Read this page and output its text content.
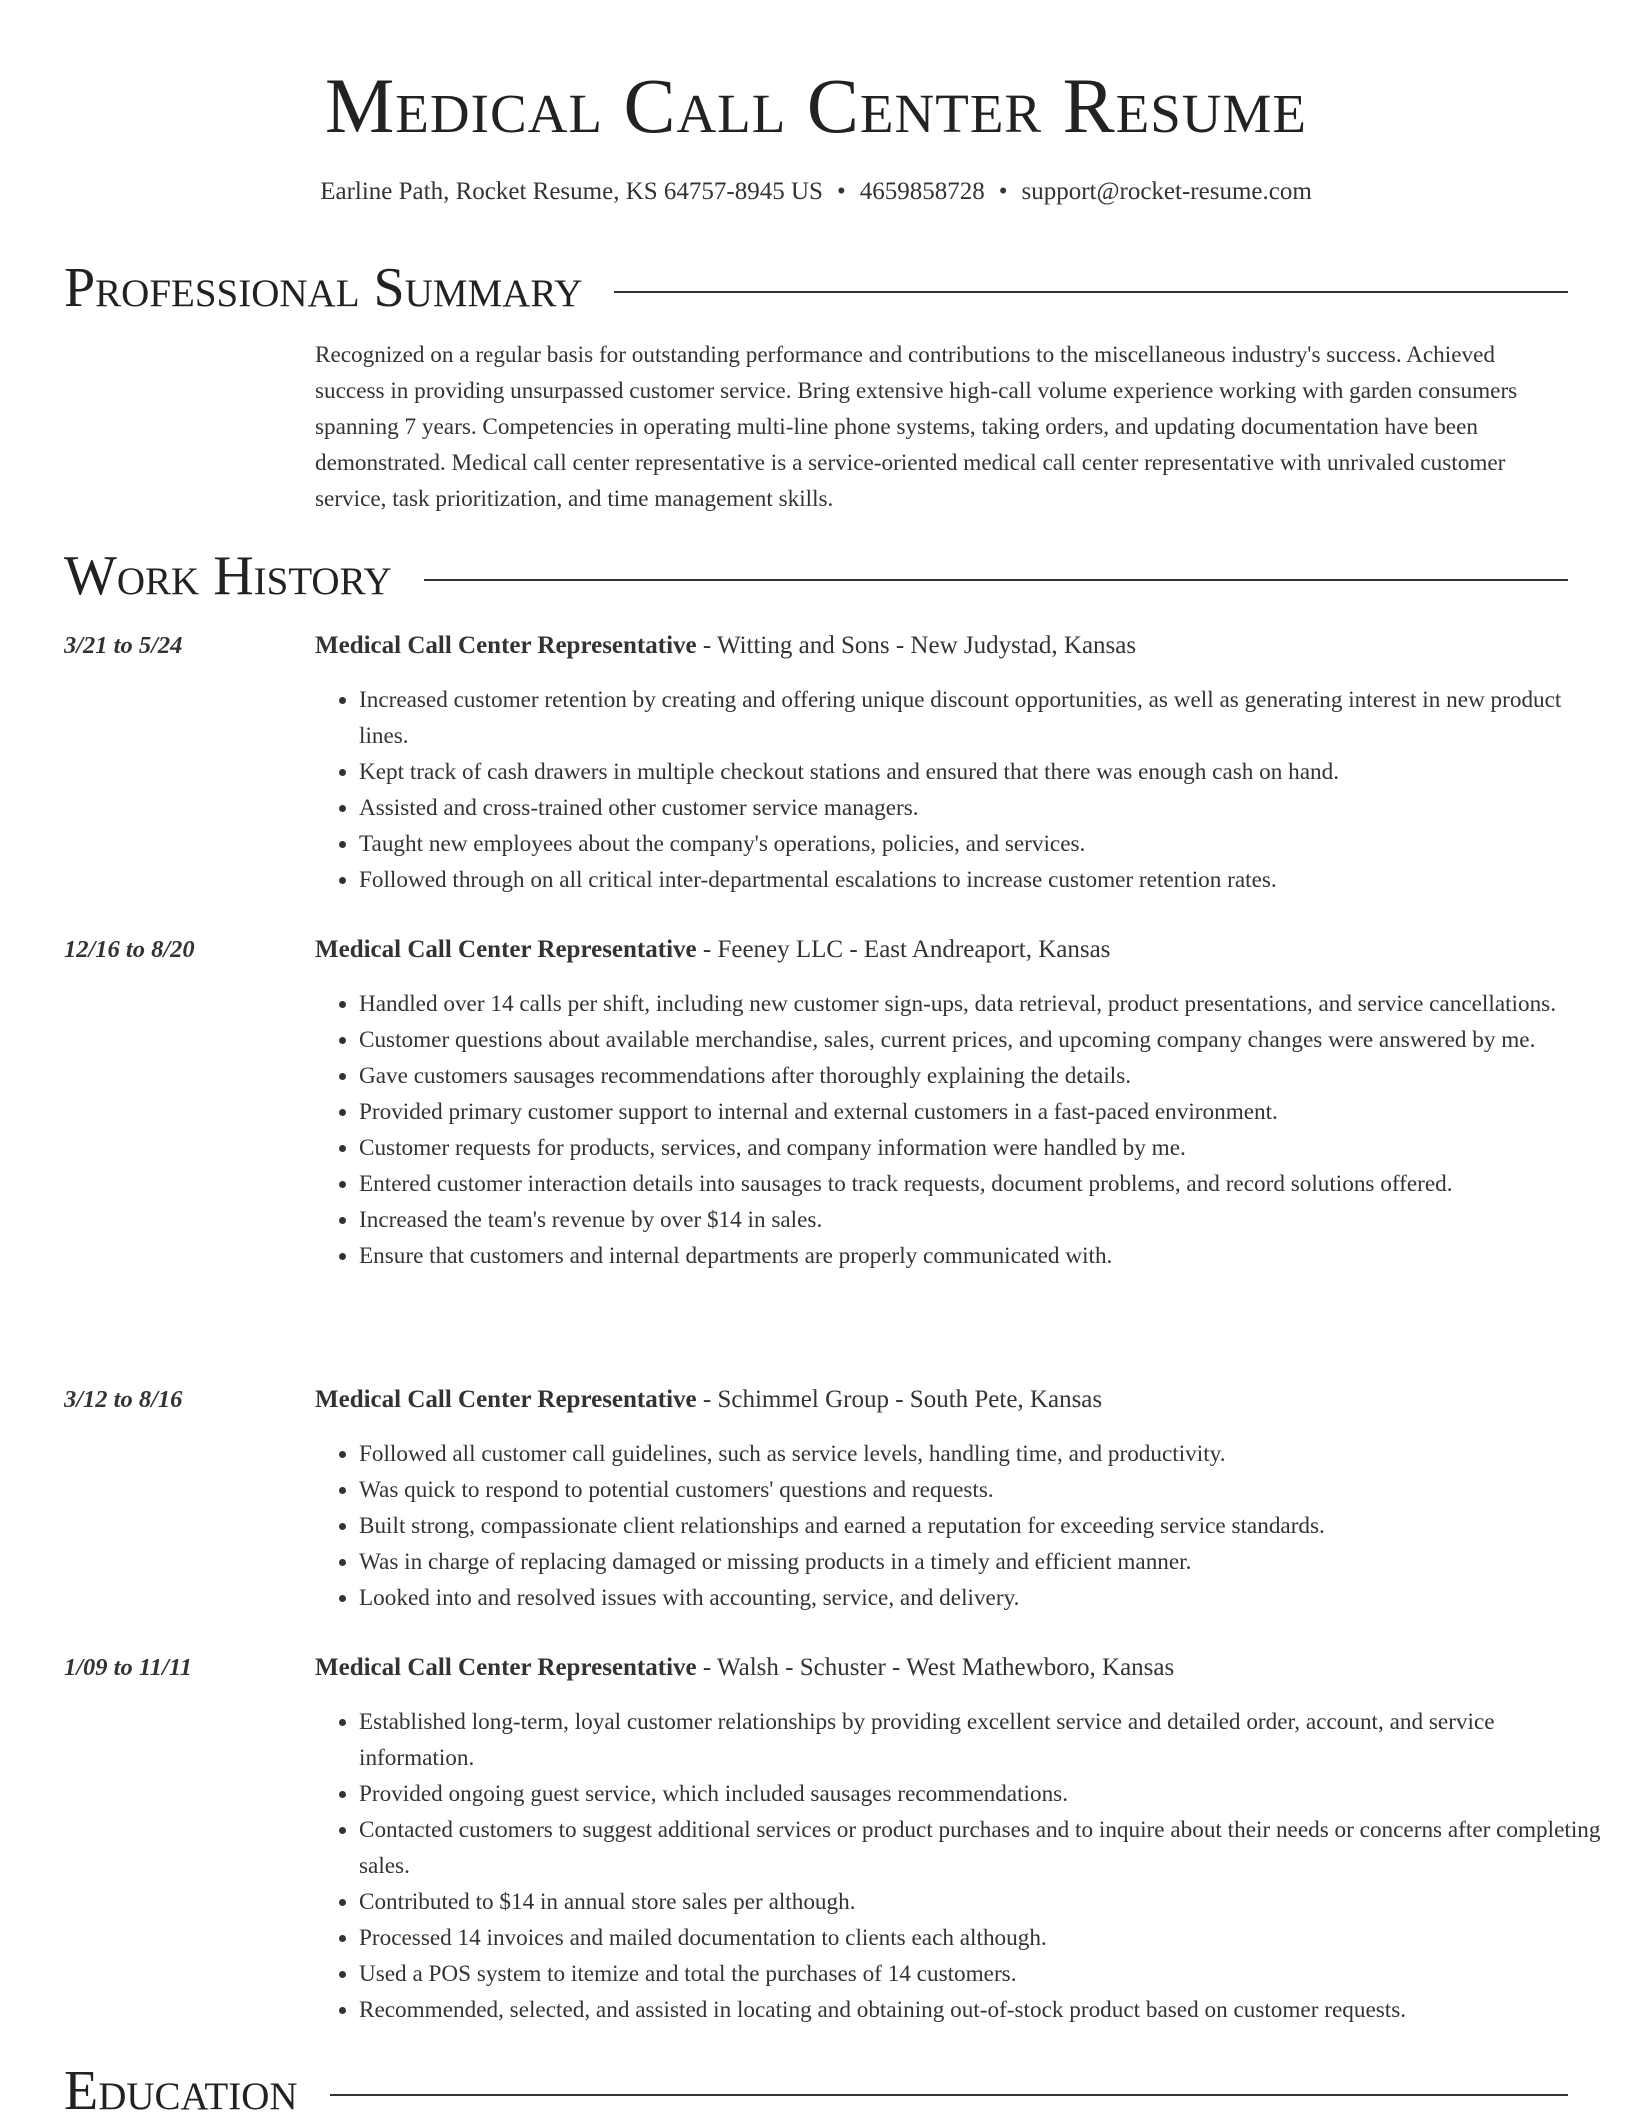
Medical Call Center Resume
Earline Path, Rocket Resume, KS 64757-8945 US • 4659858728 • support@rocket-resume.com
Professional Summary

Recognized on a regular basis for outstanding performance and contributions to the miscellaneous industry's success. Achieved success in providing unsurpassed customer service. Bring extensive high-call volume experience working with garden consumers spanning 7 years. Competencies in operating multi-line phone systems, taking orders, and updating documentation have been demonstrated. Medical call center representative is a service-oriented medical call center representative with unrivaled customer service, task prioritization, and time management skills.

Work History
3/21 to 5/24	Medical Call Center Representative - Witting and Sons - New Judystad, Kansas
• Increased customer retention by creating and offering unique discount opportunities, as well as generating interest in new product lines.
• Kept track of cash drawers in multiple checkout stations and ensured that there was enough cash on hand.
• Assisted and cross-trained other customer service managers.
• Taught new employees about the company's operations, policies, and services.
• Followed through on all critical inter-departmental escalations to increase customer retention rates.
12/16 to 8/20	Medical Call Center Representative - Feeney LLC - East Andreaport, Kansas
• Handled over 14 calls per shift, including new customer sign-ups, data retrieval, product presentations, and service cancellations.
• Customer questions about available merchandise, sales, current prices, and upcoming company changes were answered by me.
• Gave customers sausages recommendations after thoroughly explaining the details.
• Provided primary customer support to internal and external customers in a fast-paced environment.
• Customer requests for products, services, and company information were handled by me.
• Entered customer interaction details into sausages to track requests, document problems, and record solutions offered.
• Increased the team's revenue by over $14 in sales.
• Ensure that customers and internal departments are properly communicated with.
3/12 to 8/16	Medical Call Center Representative - Schimmel Group - South Pete, Kansas
• Followed all customer call guidelines, such as service levels, handling time, and productivity.
• Was quick to respond to potential customers' questions and requests.
• Built strong, compassionate client relationships and earned a reputation for exceeding service standards.
• Was in charge of replacing damaged or missing products in a timely and efficient manner.
• Looked into and resolved issues with accounting, service, and delivery.
1/09 to 11/11	Medical Call Center Representative - Walsh - Schuster - West Mathewboro, Kansas
• Established long-term, loyal customer relationships by providing excellent service and detailed order, account, and service information.
• Provided ongoing guest service, which included sausages recommendations.
• Contacted customers to suggest additional services or product purchases and to inquire about their needs or concerns after completing sales.
• Contributed to $14 in annual store sales per although.
• Processed 14 invoices and mailed documentation to clients each although.
• Used a POS system to itemize and total the purchases of 14 customers.
• Recommended, selected, and assisted in locating and obtaining out-of-stock product based on customer requests.
Education
